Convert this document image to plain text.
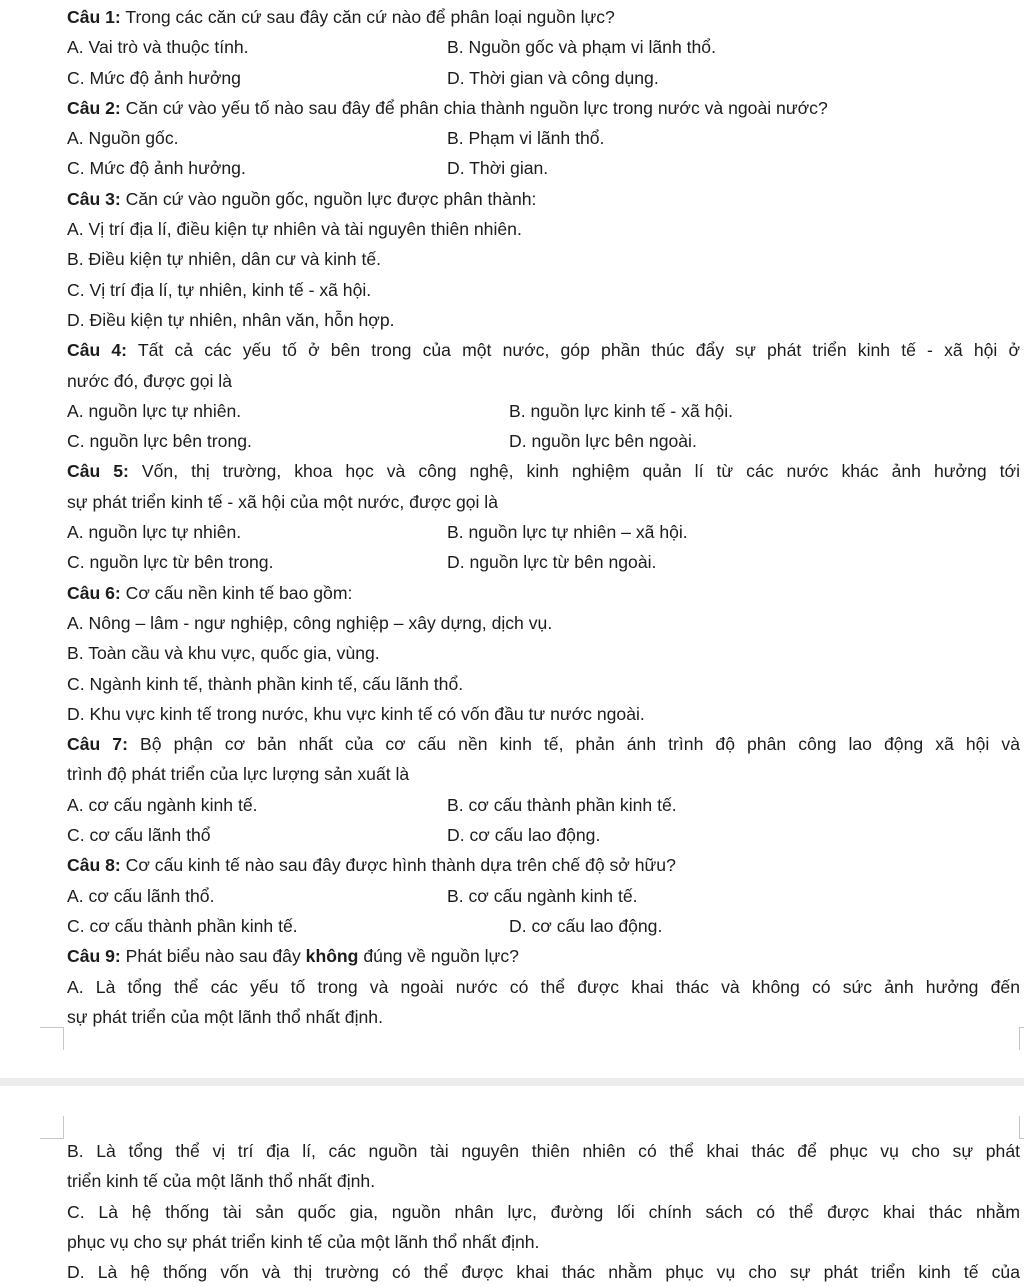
Câu 1: Trong các căn cứ sau đây căn cứ nào để phân loại nguồn lực?
A. Vai trò và thuộc tính.	B. Nguồn gốc và phạm vi lãnh thổ.
C. Mức độ ảnh hưởng	D. Thời gian và công dụng.
Câu 2: Căn cứ vào yếu tố nào sau đây để phân chia thành nguồn lực trong nước và ngoài nước?
A. Nguồn gốc.	B. Phạm vi lãnh thổ.
C. Mức độ ảnh hưởng.	D. Thời gian.
Câu 3: Căn cứ vào nguồn gốc, nguồn lực được phân thành:
A. Vị trí địa lí, điều kiện tự nhiên và tài nguyên thiên nhiên.
B. Điều kiện tự nhiên, dân cư và kinh tế.
C. Vị trí địa lí, tự nhiên, kinh tế - xã hội.
D. Điều kiện tự nhiên, nhân văn, hỗn hợp.
Câu 4: Tất cả các yếu tố ở bên trong của một nước, góp phần thúc đẩy sự phát triển kinh tế - xã hội ở
nước đó, được gọi là
A. nguồn lực tự nhiên.	B. nguồn lực kinh tế - xã hội.
C. nguồn lực bên trong.	D. nguồn lực bên ngoài.
Câu 5: Vốn, thị trường, khoa học và công nghệ, kinh nghiệm quản lí từ các nước khác ảnh hưởng tới
sự phát triển kinh tế - xã hội của một nước, được gọi là
A. nguồn lực tự nhiên.	B. nguồn lực tự nhiên – xã hội.
C. nguồn lực từ bên trong.	D. nguồn lực từ bên ngoài.
Câu 6: Cơ cấu nền kinh tế bao gồm:
A. Nông – lâm - ngư nghiệp, công nghiệp – xây dựng, dịch vụ.
B. Toàn cầu và khu vực, quốc gia, vùng.
C. Ngành kinh tế, thành phần kinh tế, cấu lãnh thổ.
D. Khu vực kinh tế trong nước, khu vực kinh tế có vốn đầu tư nước ngoài.
Câu 7: Bộ phận cơ bản nhất của cơ cấu nền kinh tế, phản ánh trình độ phân công lao động xã hội và
trình độ phát triển của lực lượng sản xuất là
A. cơ cấu ngành kinh tế.	B. cơ cấu thành phần kinh tế.
C. cơ cấu lãnh thổ	D. cơ cấu lao động.
Câu 8: Cơ cấu kinh tế nào sau đây được hình thành dựa trên chế độ sở hữu?
A. cơ cấu lãnh thổ.	B. cơ cấu ngành kinh tế.
C. cơ cấu thành phần kinh tế.	D. cơ cấu lao động.
Câu 9: Phát biểu nào sau đây không đúng về nguồn lực?
A. Là tổng thể các yếu tố trong và ngoài nước có thể được khai thác và không có sức ảnh hưởng đến
sự phát triển của một lãnh thổ nhất định.
B. Là tổng thể vị trí địa lí, các nguồn tài nguyên thiên nhiên có thể khai thác để phục vụ cho sự phát
triển kinh tế của một lãnh thổ nhất định.
C. Là hệ thống tài sản quốc gia, nguồn nhân lực, đường lối chính sách có thể được khai thác nhằm
phục vụ cho sự phát triển kinh tế của một lãnh thổ nhất định.
D. Là hệ thống vốn và thị trường có thể được khai thác nhằm phục vụ cho sự phát triển kinh tế của
